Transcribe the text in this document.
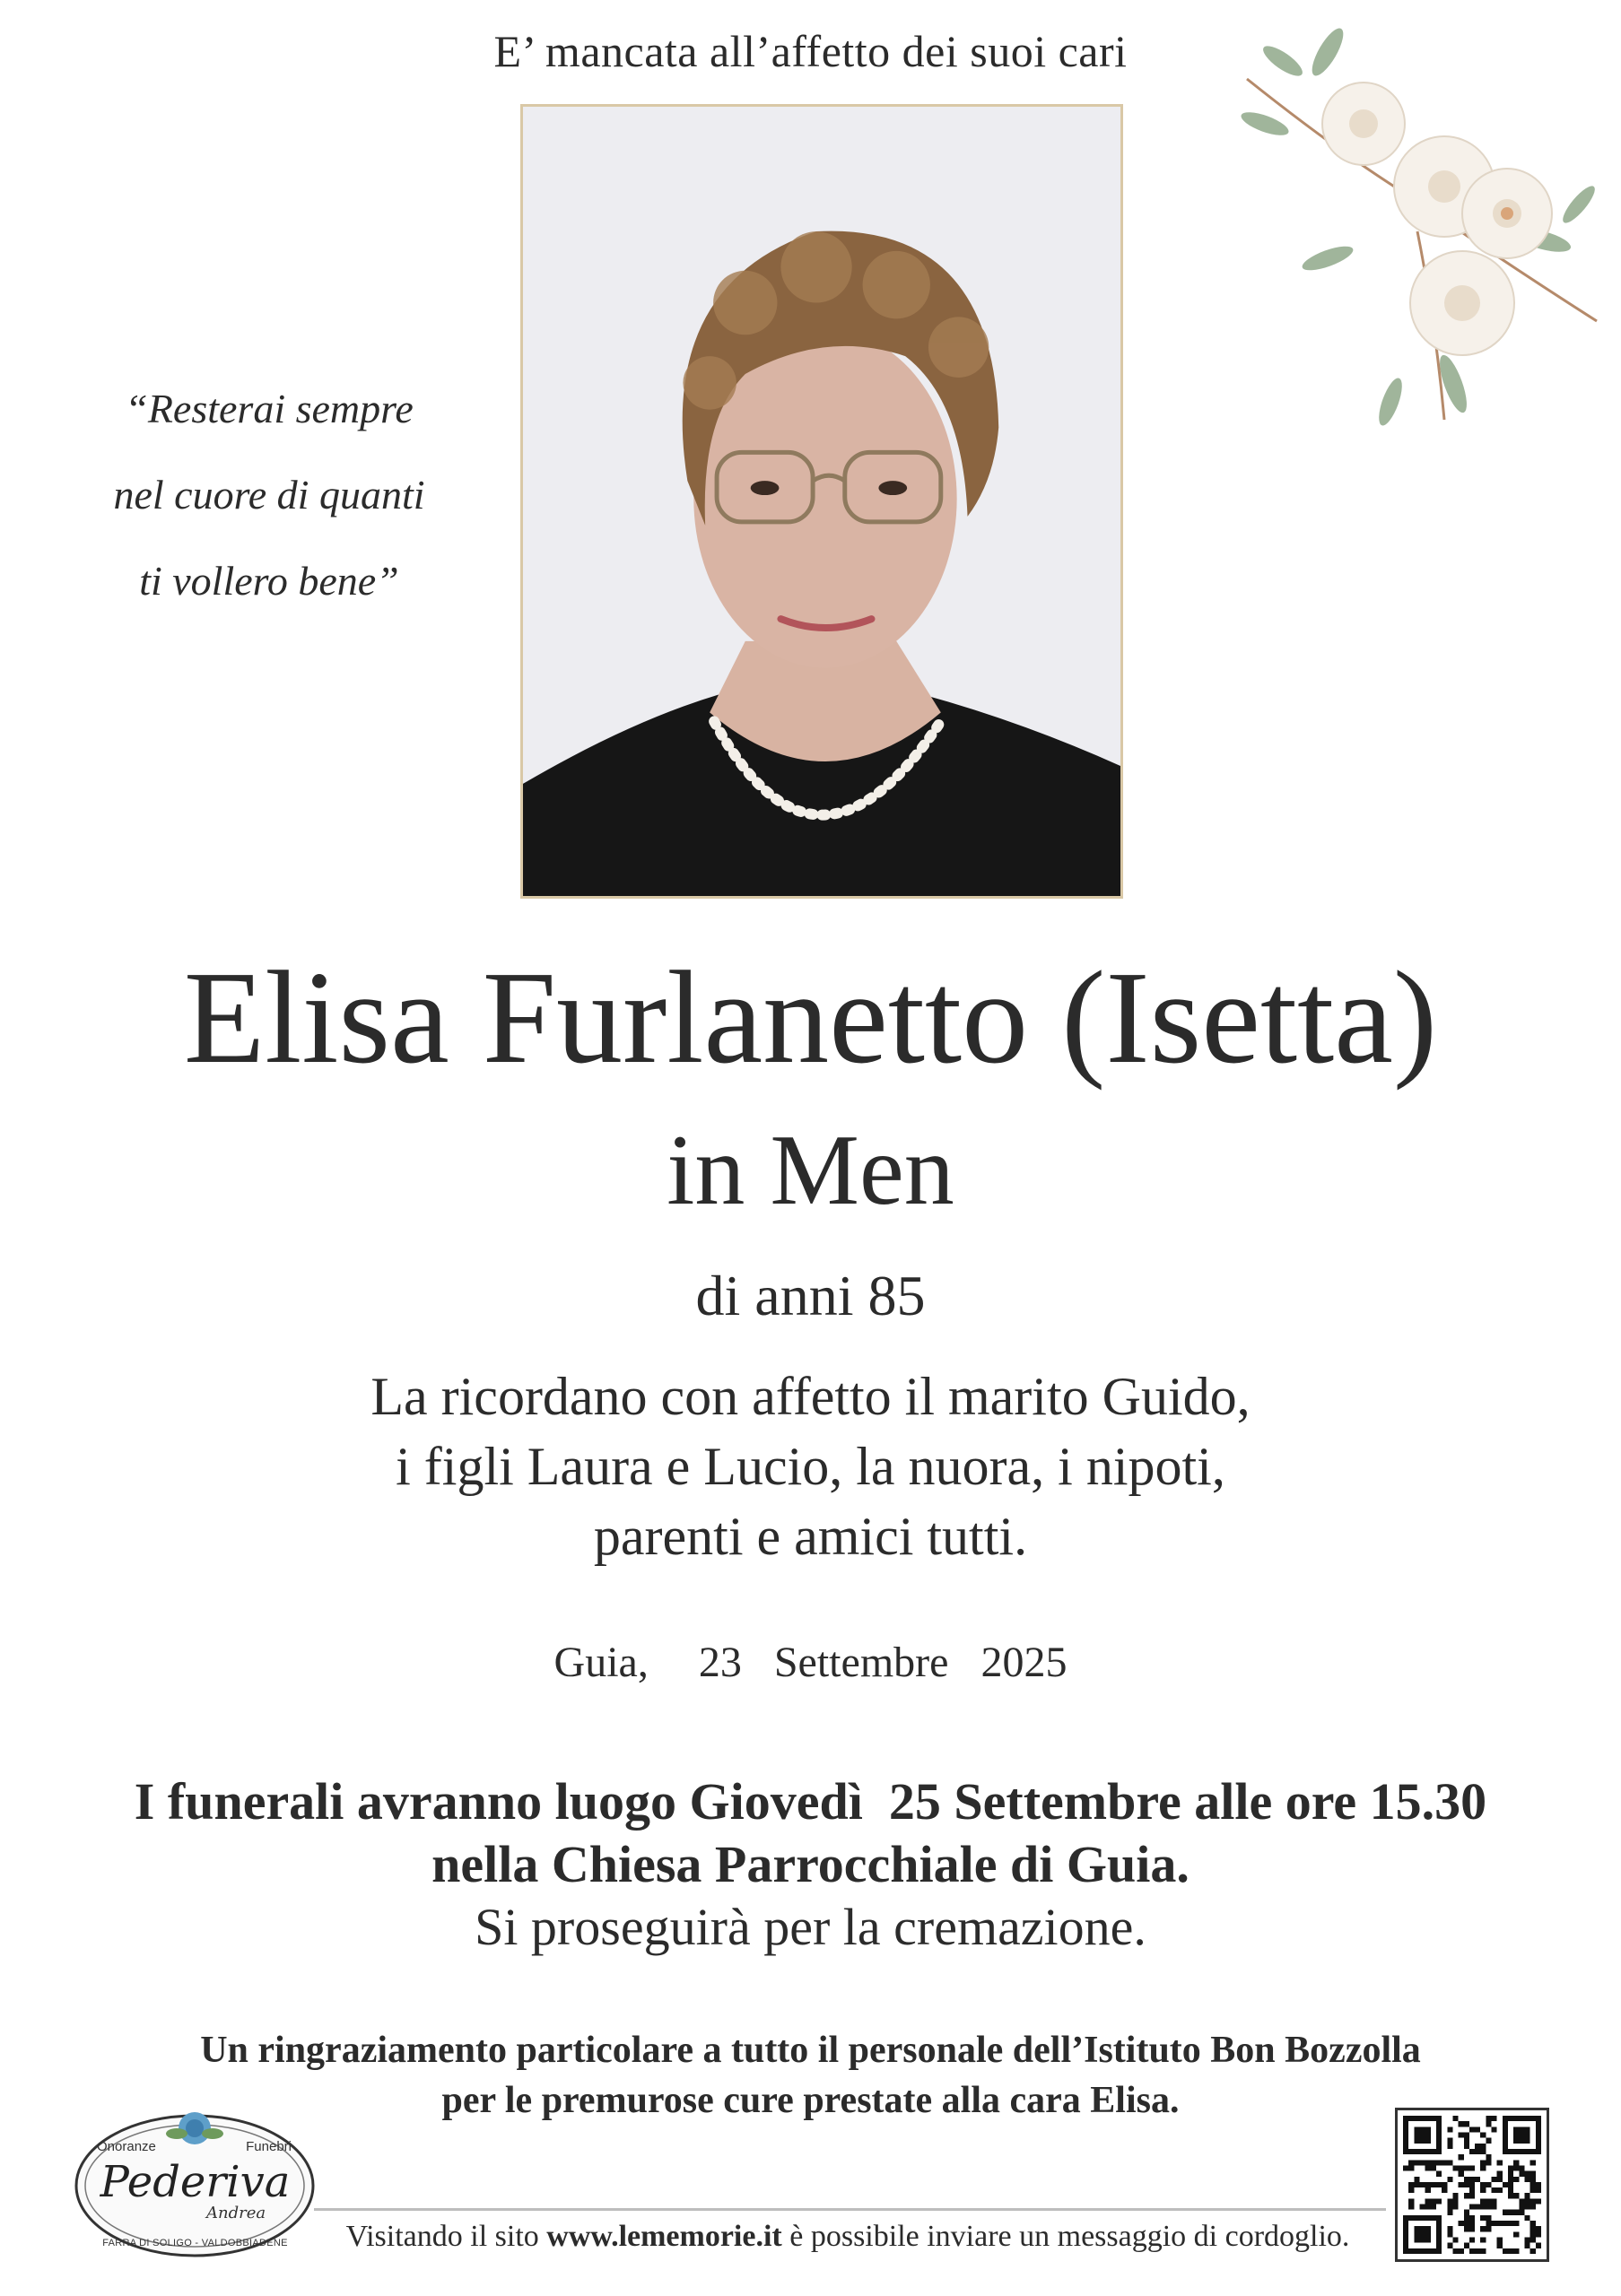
E’ mancata all’affetto dei suoi cari
“Resterai sempre
nel cuore di quanti
ti vollero bene”
Elisa Furlanetto (Isetta)
in Men
di anni 85
La ricordano con affetto il marito Guido,
i figli Laura e Lucio, la nuora, i nipoti,
parenti e amici tutti.
Guia, 23  Settembre  2025
I funerali avranno luogo Giovedì  25 Settembre alle ore 15.30
nella Chiesa Parrocchiale di Guia.
Si proseguirà per la cremazione.
Un ringraziamento particolare a tutto il personale dell’Istituto Bon Bozzolla
per le premurose cure prestate alla cara Elisa.
Onoranze	Funebri
Pederiva
Andrea
FARRA DI SOLIGO - VALDOBBIADENE	Visitando il sito www.lememorie.it è possibile inviare un messaggio di cordoglio.
